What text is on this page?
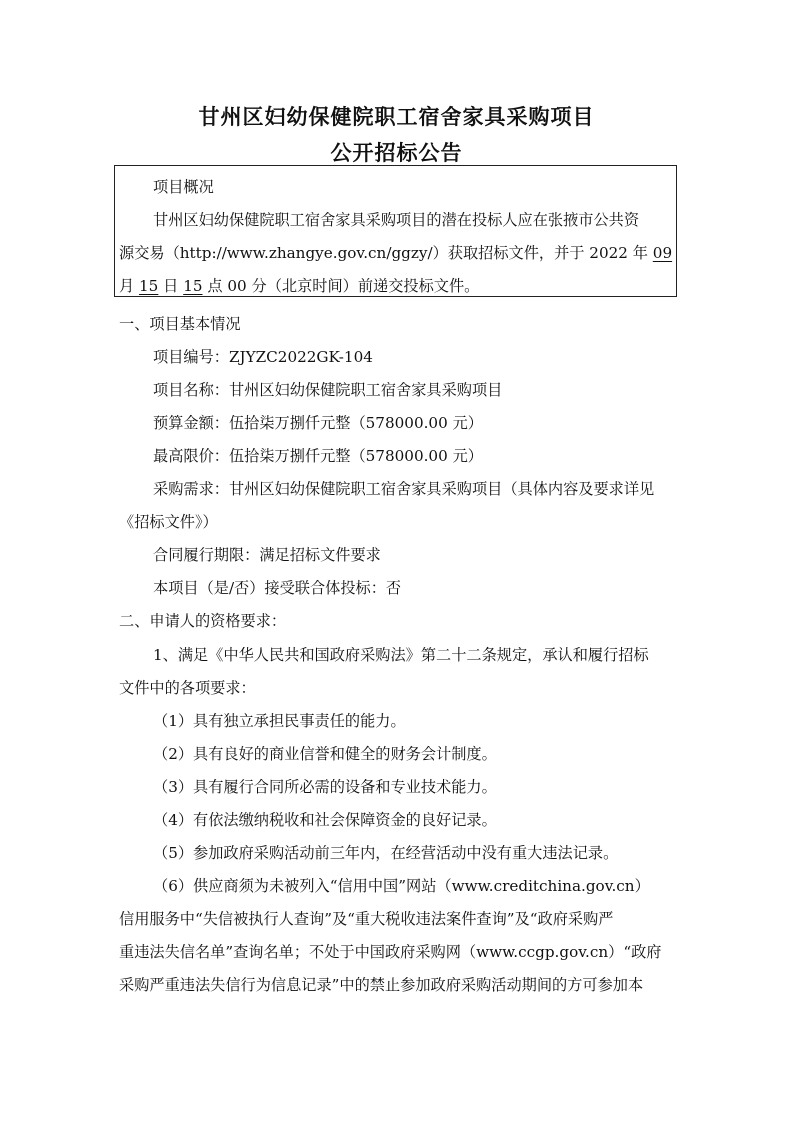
甘州区妇幼保健院职工宿舍家具采购项目
公开招标公告
项目概况
甘州区妇幼保健院职工宿舍家具采购项目的潜在投标人应在张掖市公共资
源交易（http://www.zhangye.gov.cn/ggzy/）获取招标文件，并于 2022 年 09
月 15 日 15 点 00 分（北京时间）前递交投标文件。
一、项目基本情况
项目编号：ZJYZC2022GK-104
项目名称：甘州区妇幼保健院职工宿舍家具采购项目
预算金额：伍拾柒万捌仟元整（578000.00 元）
最高限价：伍拾柒万捌仟元整（578000.00 元）
采购需求：甘州区妇幼保健院职工宿舍家具采购项目（具体内容及要求详见
《招标文件》）
合同履行期限：满足招标文件要求
本项目（是/否）接受联合体投标：否
二、申请人的资格要求：
1、满足《中华人民共和国政府采购法》第二十二条规定，承认和履行招标
文件中的各项要求：
（1）具有独立承担民事责任的能力。
（2）具有良好的商业信誉和健全的财务会计制度。
（3）具有履行合同所必需的设备和专业技术能力。
（4）有依法缴纳税收和社会保障资金的良好记录。
（5）参加政府采购活动前三年内，在经营活动中没有重大违法记录。
（6）供应商须为未被列入“信用中国”网站（www.creditchina.gov.cn）
信用服务中“失信被执行人查询”及“重大税收违法案件查询”及“政府采购严
重违法失信名单”查询名单；不处于中国政府采购网（www.ccgp.gov.cn）“政府
采购严重违法失信行为信息记录”中的禁止参加政府采购活动期间的方可参加本
